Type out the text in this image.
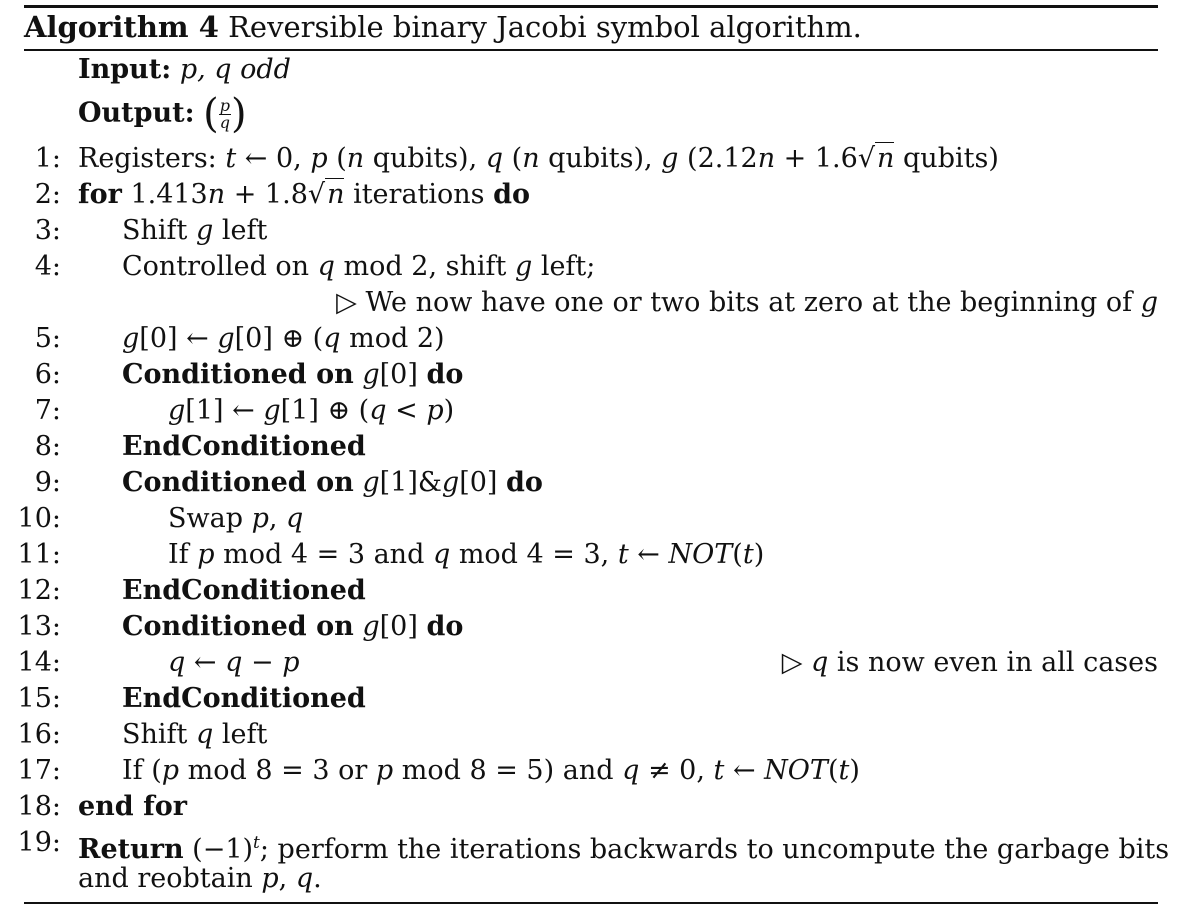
Algorithm 4 Reversible binary Jacobi symbol algorithm.
Input: p, q odd
Output: ( $\frac{p}{q}$ )
1: Registers: t ← 0, p (n qubits), q (n qubits), g (2.12n + 1.6√n qubits)
2: for 1.413n + 1.8√n iterations do
3: Shift g left
4: Controlled on q mod 2, shift g left;
▷ We now have one or two bits at zero at the beginning of g
5: g[0] ← g[0] ⊕ (q mod 2)
6: Conditioned on g[0] do
7:	g[1] ← g[1] ⊕ (q < p)
8: EndConditioned
9: Conditioned on g[1]&g[0] do
10:	Swap p, q
11:	If p mod 4 = 3 and q mod 4 = 3, t ← NOT(t)
12: EndConditioned
13: Conditioned on g[0] do
14:	q ← q − p	▷ q is now even in all cases
15: EndConditioned
16: Shift q left
17: If (p mod 8 = 3 or p mod 8 = 5) and q ≠ 0, t ← NOT(t)
18: end for
19: Return $(-1)^t$; perform the iterations backwards to uncompute the garbage bits
and reobtain p, q.
